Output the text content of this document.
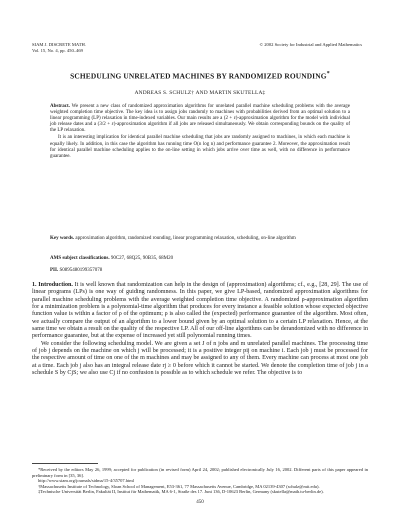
SIAM J. DISCRETE MATH.
Vol. 15, No. 4, pp. 450–469
© 2002 Society for Industrial and Applied Mathematics
SCHEDULING UNRELATED MACHINES BY RANDOMIZED ROUNDING*
ANDREAS S. SCHULZ† AND MARTIN SKUTELLA‡

Abstract. We present a new class of randomized approximation algorithms for unrelated parallel machine scheduling problems with the average weighted completion time objective. The key idea is to assign jobs randomly to machines with probabilities derived from an optimal solution to a linear programming (LP) relaxation in time-indexed variables. Our main results are a (2 + ε)-approximation algorithm for the model with individual job release dates and a (3/2 + ε)-approximation algorithm if all jobs are released simultaneously. We obtain corresponding bounds on the quality of the LP relaxation.

It is an interesting implication for identical parallel machine scheduling that jobs are randomly assigned to machines, in which each machine is equally likely. In addition, in this case the algorithm has running time O(n log n) and performance guarantee 2. Moreover, the approximation result for identical parallel machine scheduling applies to the on-line setting in which jobs arrive over time as well, with no difference in performance guarantee.

Key words. approximation algorithm, randomized rounding, linear programming relaxation, scheduling, on-line algorithm
AMS subject classifications. 90C27, 68Q25, 90B35, 68M20
PII. S0895480199357078

1. Introduction. It is well known that randomization can help in the design of (approximation) algorithms; cf., e.g., [28, 29]. The use of linear programs (LPs) is one way of guiding randomness. In this paper, we give LP-based, randomized approximation algorithms for parallel machine scheduling problems with the average weighted completion time objective. A randomized ρ-approximation algorithm for a minimization problem is a polynomial-time algorithm that produces for every instance a feasible solution whose expected objective function value is within a factor of ρ of the optimum; ρ is also called the (expected) performance guarantee of the algorithm. Most often, we actually compare the output of an algorithm to a lower bound given by an optimal solution to a certain LP relaxation. Hence, at the same time we obtain a result on the quality of the respective LP. All of our off-line algorithms can be derandomized with no difference in performance guarantee, but at the expense of increased yet still polynomial running times.

We consider the following scheduling model. We are given a set J of n jobs and m unrelated parallel machines. The processing time of job j depends on the machine on which j will be processed; it is a positive integer pij on machine i. Each job j must be processed for the respective amount of time on one of the m machines and may be assigned to any of them. Every machine can process at most one job at a time. Each job j also has an integral release date rj ≥ 0 before which it cannot be started. We denote the completion time of job j in a schedule S by CjS; we also use Cj if no confusion is possible as to which schedule we refer. The objective is to

*Received by the editors May 26, 1999; accepted for publication (in revised form) April 24, 2002; published electronically July 16, 2002. Different parts of this paper appeared in preliminary form in [35, 36].

http://www.siam.org/journals/sidma/15-4/35707.html

†Massachusetts Institute of Technology, Sloan School of Management, E53-361, 77 Massachusetts Avenue, Cambridge, MA 02139-4307 (schulz@mit.edu).

‡Technische Universität Berlin, Fakultät II, Institut für Mathematik, MA 6-1, Straße des 17. Juni 136, D-10623 Berlin, Germany (skutella@math.tu-berlin.de).

450
